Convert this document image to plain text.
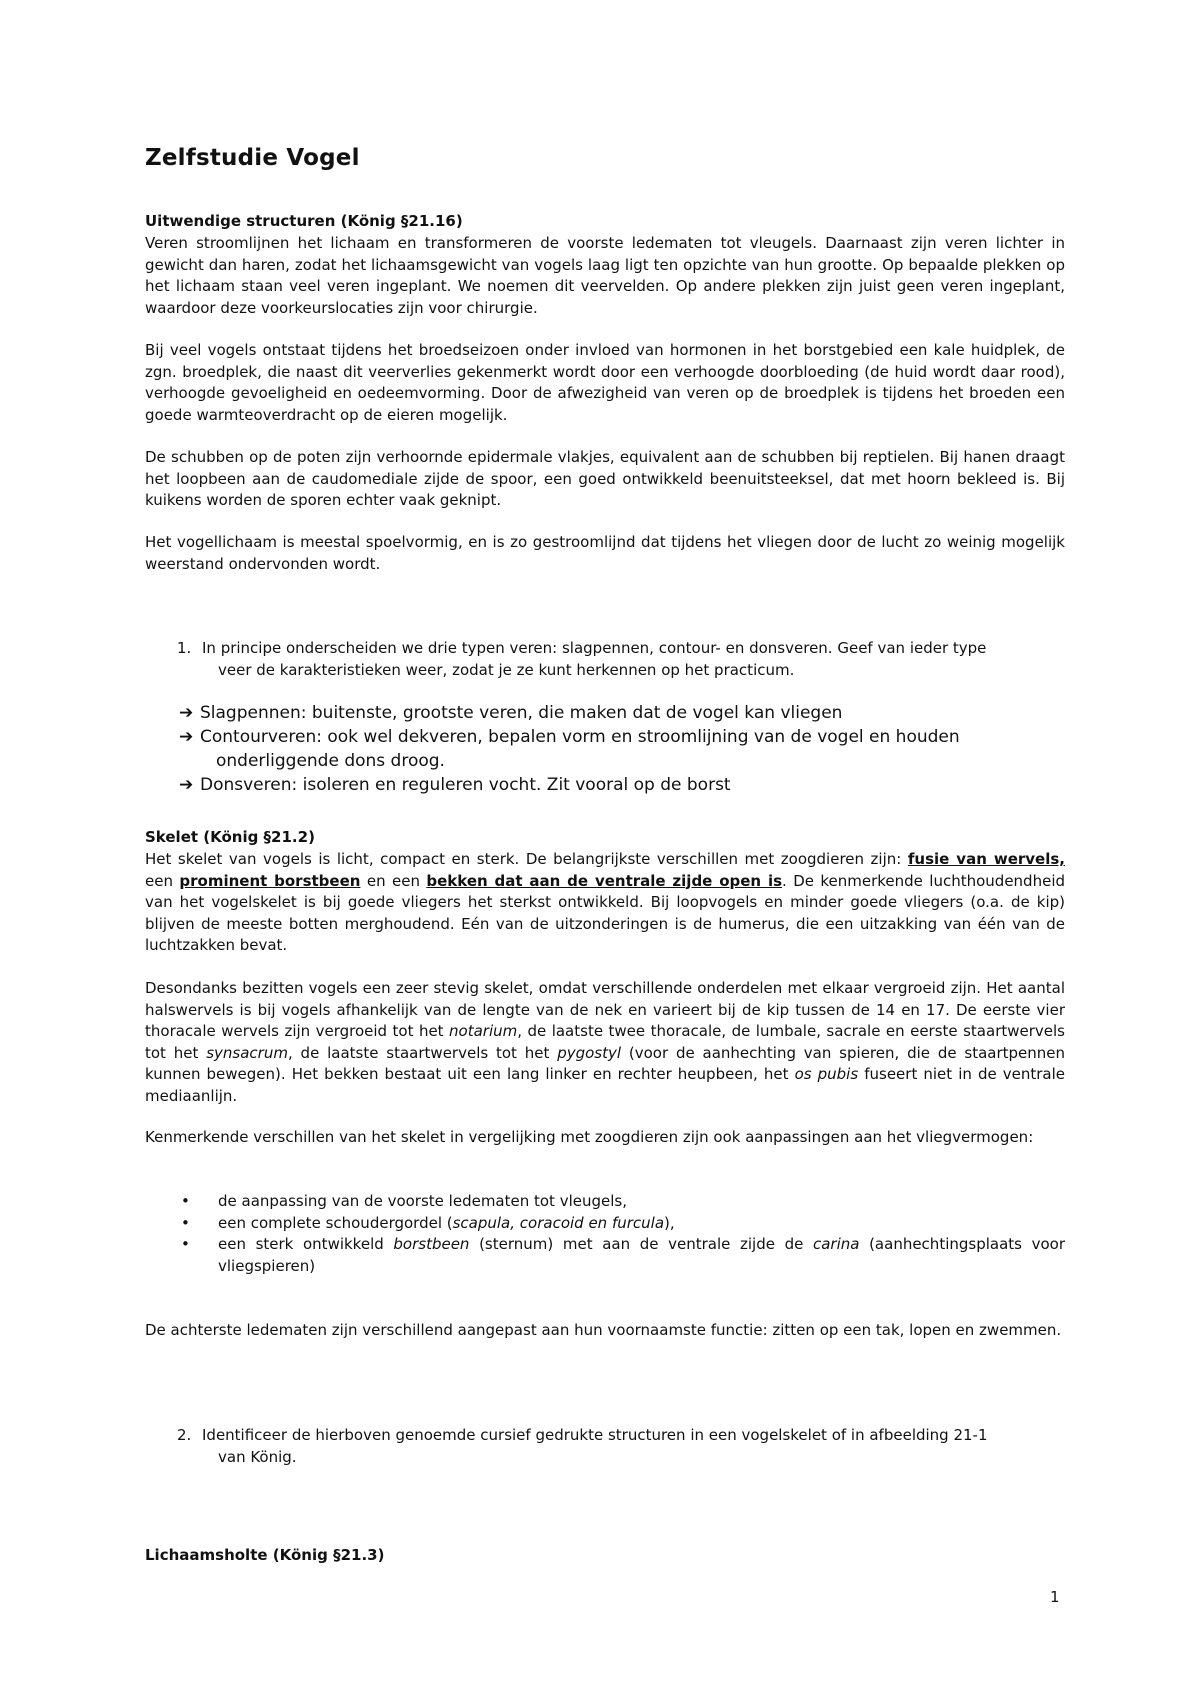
Zelfstudie Vogel
Uitwendige structuren (König §21.16)

Veren stroomlijnen het lichaam en transformeren de voorste ledematen tot vleugels. Daarnaast zijn veren lichter in gewicht dan haren, zodat het lichaamsgewicht van vogels laag ligt ten opzichte van hun grootte. Op bepaalde plekken op het lichaam staan veel veren ingeplant. We noemen dit veervelden. Op andere plekken zijn juist geen veren ingeplant, waardoor deze voorkeurslocaties zijn voor chirurgie.

Bij veel vogels ontstaat tijdens het broedseizoen onder invloed van hormonen in het borstgebied een kale huidplek, de zgn. broedplek, die naast dit veerverlies gekenmerkt wordt door een verhoogde doorbloeding (de huid wordt daar rood), verhoogde gevoeligheid en oedeemvorming. Door de afwezigheid van veren op de broedplek is tijdens het broeden een goede warmteoverdracht op de eieren mogelijk.

De schubben op de poten zijn verhoornde epidermale vlakjes, equivalent aan de schubben bij reptielen. Bij hanen draagt het loopbeen aan de caudomediale zijde de spoor, een goed ontwikkeld beenuitsteeksel, dat met hoorn bekleed is. Bij kuikens worden de sporen echter vaak geknipt.

Het vogellichaam is meestal spoelvormig, en is zo gestroomlijnd dat tijdens het vliegen door de lucht zo weinig mogelijk weerstand ondervonden wordt.

1. In principe onderscheiden we drie typen veren: slagpennen, contour- en donsveren. Geef van ieder type
veer de karakteristieken weer, zodat je ze kunt herkennen op het practicum.
➔ Slagpennen: buitenste, grootste veren, die maken dat de vogel kan vliegen
➔ Contourveren: ook wel dekveren, bepalen vorm en stroomlijning van de vogel en houden
onderliggende dons droog.
➔ Donsveren: isoleren en reguleren vocht. Zit vooral op de borst
Skelet (König §21.2)

Het skelet van vogels is licht, compact en sterk. De belangrijkste verschillen met zoogdieren zijn: fusie van wervels, een prominent borstbeen en een bekken dat aan de ventrale zijde open is. De kenmerkende luchthoudendheid van het vogelskelet is bij goede vliegers het sterkst ontwikkeld. Bij loopvogels en minder goede vliegers (o.a. de kip) blijven de meeste botten merghoudend. Eén van de uitzonderingen is de humerus, die een uitzakking van één van de luchtzakken bevat.

Desondanks bezitten vogels een zeer stevig skelet, omdat verschillende onderdelen met elkaar vergroeid zijn. Het aantal halswervels is bij vogels afhankelijk van de lengte van de nek en varieert bij de kip tussen de 14 en 17. De eerste vier thoracale wervels zijn vergroeid tot het notarium, de laatste twee thoracale, de lumbale, sacrale en eerste staartwervels tot het synsacrum, de laatste staartwervels tot het pygostyl (voor de aanhechting van spieren, die de staartpennen kunnen bewegen). Het bekken bestaat uit een lang linker en rechter heupbeen, het os pubis fuseert niet in de ventrale mediaanlijn.

Kenmerkende verschillen van het skelet in vergelijking met zoogdieren zijn ook aanpassingen aan het vliegvermogen:

• de aanpassing van de voorste ledematen tot vleugels,
• een complete schoudergordel (scapula, coracoid en furcula),
• een sterk ontwikkeld borstbeen (sternum) met aan de ventrale zijde de carina (aanhechtingsplaats voor vliegspieren)

De achterste ledematen zijn verschillend aangepast aan hun voornaamste functie: zitten op een tak, lopen en zwemmen.

2. Identificeer de hierboven genoemde cursief gedrukte structuren in een vogelskelet of in afbeelding 21-1
van König.
Lichaamsholte (König §21.3)
1
